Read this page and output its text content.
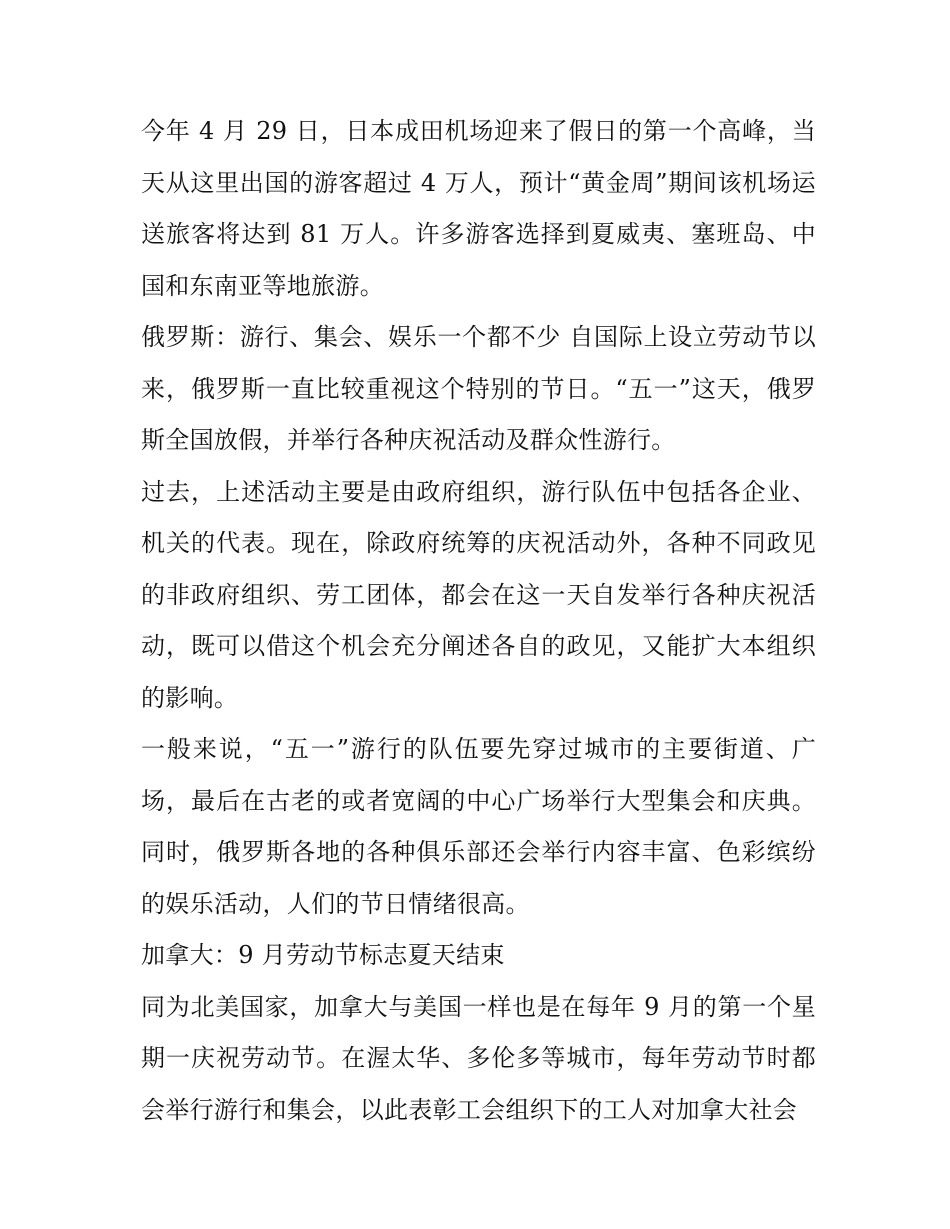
今年 4 月 29 日，日本成田机场迎来了假日的第一个高峰，当天从这里出国的游客超过 4 万人，预计“黄金周”期间该机场运送旅客将达到 81 万人。许多游客选择到夏威夷、塞班岛、中国和东南亚等地旅游。

俄罗斯：游行、集会、娱乐一个都不少 自国际上设立劳动节以来，俄罗斯一直比较重视这个特别的节日。“五一”这天，俄罗斯全国放假，并举行各种庆祝活动及群众性游行。

过去，上述活动主要是由政府组织，游行队伍中包括各企业、机关的代表。现在，除政府统筹的庆祝活动外，各种不同政见的非政府组织、劳工团体，都会在这一天自发举行各种庆祝活动，既可以借这个机会充分阐述各自的政见，又能扩大本组织的影响。

一般来说，“五一”游行的队伍要先穿过城市的主要街道、广场，最后在古老的或者宽阔的中心广场举行大型集会和庆典。同时，俄罗斯各地的各种俱乐部还会举行内容丰富、色彩缤纷的娱乐活动，人们的节日情绪很高。

加拿大：9 月劳动节标志夏天结束

同为北美国家，加拿大与美国一样也是在每年 9 月的第一个星期一庆祝劳动节。在渥太华、多伦多等城市，每年劳动节时都会举行游行和集会，以此表彰工会组织下的工人对加拿大社会
